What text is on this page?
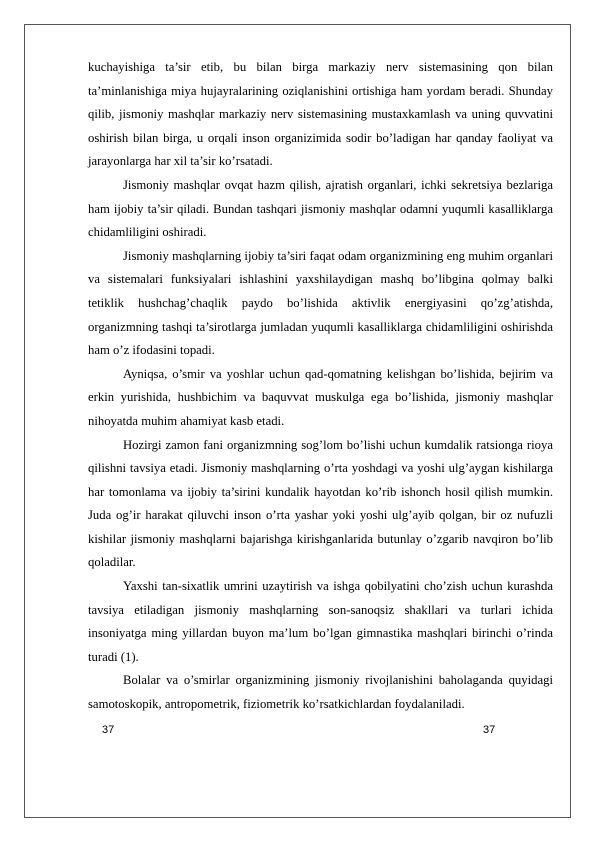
kuchayishiga ta’sir etib, bu bilan birga markaziy nerv sistemasining qon bilan ta’minlanishiga miya hujayralarining oziqlanishini ortishiga ham yordam beradi. Shunday qilib, jismoniy mashqlar markaziy nerv sistemasining mustaxkamlash va uning quvvatini oshirish bilan birga, u orqali inson organizimida sodir bo’ladigan har qanday faoliyat va jarayonlarga har xil ta’sir ko’rsatadi.

Jismoniy mashqlar ovqat hazm qilish, ajratish organlari, ichki sekretsiya bezlariga ham ijobiy ta’sir qiladi. Bundan tashqari jismoniy mashqlar odamni yuqumli kasalliklarga chidamliligini oshiradi.

Jismoniy mashqlarning ijobiy ta’siri faqat odam organizmining eng muhim organlari va sistemalari funksiyalari ishlashini yaxshilaydigan mashq bo’libgina qolmay balki tetiklik hushchag’chaqlik paydo bo’lishida aktivlik energiyasini qo’zg’atishda, organizmning tashqi ta’sirotlarga jumladan yuqumli kasalliklarga chidamliligini oshirishda ham o’z ifodasini topadi.

Ayniqsa, o’smir va yoshlar uchun qad-qomatning kelishgan bo’lishida, bejirim va erkin yurishida, hushbichim va baquvvat muskulga ega bo’lishida, jismoniy mashqlar nihoyatda muhim ahamiyat kasb etadi.

Hozirgi zamon fani organizmning sog’lom bo’lishi uchun kumdalik ratsionga rioya qilishni tavsiya etadi. Jismoniy mashqlarning o’rta yoshdagi va yoshi ulg’aygan kishilarga har tomonlama va ijobiy ta’sirini kundalik hayotdan ko’rib ishonch hosil qilish mumkin. Juda og’ir harakat qiluvchi inson o’rta yashar yoki yoshi ulg’ayib qolgan, bir oz nufuzli kishilar jismoniy mashqlarni bajarishga kirishganlarida butunlay o’zgarib navqiron bo’lib qoladilar.

Yaxshi tan-sixatlik umrini uzaytirish va ishga qobilyatini cho’zish uchun kurashda tavsiya etiladigan jismoniy mashqlarning son-sanoqsiz shakllari va turlari ichida insoniyatga ming yillardan buyon ma’lum bo’lgan gimnastika mashqlari birinchi o’rinda turadi (1).

Bolalar va o’smirlar organizmining jismoniy rivojlanishini baholaganda quyidagi samotoskopik, antropometrik, fiziometrik ko’rsatkichlardan foydalaniladi.

37	37
